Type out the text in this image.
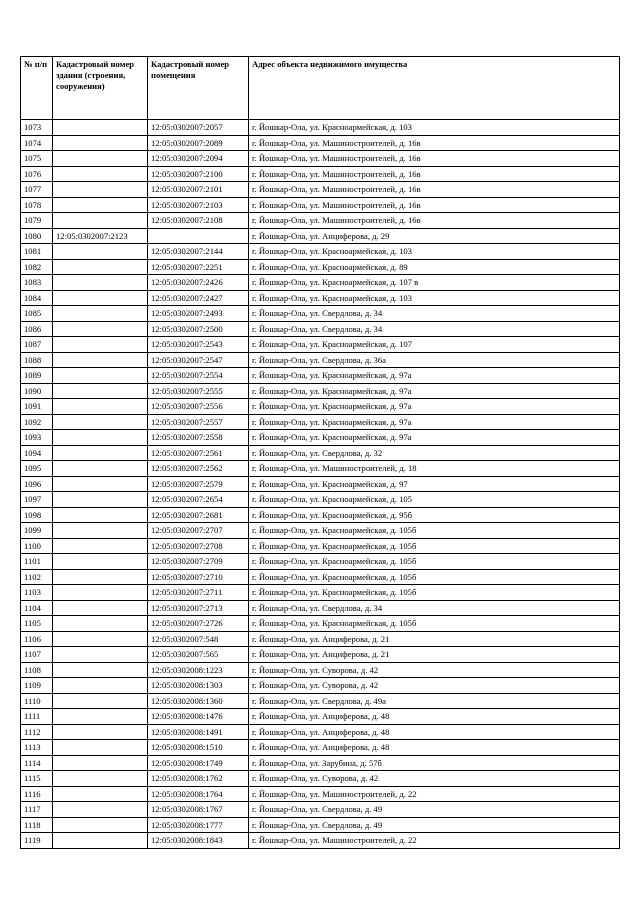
№ п/п	Кадастровый номер здания (строения, сооружения)	Кадастровый номер помещения	Адрес объекта недвижимого имущества
1073		12:05:0302007:2057	г. Йошкар-Ола, ул. Красноармейская, д. 103
1074		12:05:0302007:2089	г. Йошкар-Ола, ул. Машиностроителей, д. 16в
1075		12:05:0302007:2094	г. Йошкар-Ола, ул. Машиностроителей, д. 16в
1076		12:05:0302007:2100	г. Йошкар-Ола, ул. Машиностроителей, д. 16в
1077		12:05:0302007:2101	г. Йошкар-Ола, ул. Машиностроителей, д. 16в
1078		12:05:0302007:2103	г. Йошкар-Ола, ул. Машиностроителей, д. 16в
1079		12:05:0302007:2108	г. Йошкар-Ола, ул. Машиностроителей, д. 16в
1080	12:05:0302007:2123		г. Йошкар-Ола, ул. Анциферова, д. 29
1081		12:05:0302007:2144	г. Йошкар-Ола, ул. Красноармейская, д. 103
1082		12:05:0302007:2251	г. Йошкар-Ола, ул. Красноармейская, д. 89
1083		12:05:0302007:2426	г. Йошкар-Ола, ул. Красноармейская, д. 107 в
1084		12:05:0302007:2427	г. Йошкар-Ола, ул. Красноармейская, д. 103
1085		12:05:0302007:2493	г. Йошкар-Ола, ул. Свердлова, д. 34
1086		12:05:0302007:2500	г. Йошкар-Ола, ул. Свердлова, д. 34
1087		12:05:0302007:2543	г. Йошкар-Ола, ул. Красноармейская, д. 107
1088		12:05:0302007:2547	г. Йошкар-Ола, ул. Свердлова, д. 36а
1089		12:05:0302007:2554	г. Йошкар-Ола, ул. Красноармейская, д. 97а
1090		12:05:0302007:2555	г. Йошкар-Ола, ул. Красноармейская, д. 97а
1091		12:05:0302007:2556	г. Йошкар-Ола, ул. Красноармейская, д. 97а
1092		12:05:0302007:2557	г. Йошкар-Ола, ул. Красноармейская, д. 97а
1093		12:05:0302007:2558	г. Йошкар-Ола, ул. Красноармейская, д. 97а
1094		12:05:0302007:2561	г. Йошкар-Ола, ул. Свердлова, д. 32
1095		12:05:0302007:2562	г. Йошкар-Ола, ул. Машиностроителей, д. 18
1096		12:05:0302007:2579	г. Йошкар-Ола, ул. Красноармейская, д. 97
1097		12:05:0302007:2654	г. Йошкар-Ола, ул. Красноармейская, д. 105
1098		12:05:0302007:2681	г. Йошкар-Ола, ул. Красноармейская, д. 95б
1099		12:05:0302007:2707	г. Йошкар-Ола, ул. Красноармейская, д. 105б
1100		12:05:0302007:2708	г. Йошкар-Ола, ул. Красноармейская, д. 105б
1101		12:05:0302007:2709	г. Йошкар-Ола, ул. Красноармейская, д. 105б
1102		12:05:0302007:2710	г. Йошкар-Ола, ул. Красноармейская, д. 105б
1103		12:05:0302007:2711	г. Йошкар-Ола, ул. Красноармейская, д. 105б
1104		12:05:0302007:2713	г. Йошкар-Ола, ул. Свердлова, д. 34
1105		12:05:0302007:2726	г. Йошкар-Ола, ул. Красноармейская, д. 105б
1106		12:05:0302007:548	г. Йошкар-Ола, ул. Анциферова, д. 21
1107		12:05:0302007:565	г. Йошкар-Ола, ул. Анциферова, д. 21
1108		12:05:0302008:1223	г. Йошкар-Ола, ул. Суворова, д. 42
1109		12:05:0302008:1303	г. Йошкар-Ола, ул. Суворова, д. 42
1110		12:05:0302008:1360	г. Йошкар-Ола, ул. Свердлова, д. 49а
1111		12:05:0302008:1476	г. Йошкар-Ола, ул. Анциферова, д. 48
1112		12:05:0302008:1491	г. Йошкар-Ола, ул. Анциферова, д. 48
1113		12:05:0302008:1510	г. Йошкар-Ола, ул. Анциферова, д. 48
1114		12:05:0302008:1749	г. Йошкар-Ола, ул. Зарубина, д. 57б
1115		12:05:0302008:1762	г. Йошкар-Ола, ул. Суворова, д. 42
1116		12:05:0302008:1764	г. Йошкар-Ола, ул. Машиностроителей, д. 22
1117		12:05:0302008:1767	г. Йошкар-Ола, ул. Свердлова, д. 49
1118		12:05:0302008:1777	г. Йошкар-Ола, ул. Свердлова, д. 49
1119		12:05:0302008:1843	г. Йошкар-Ола, ул. Машиностроителей, д. 22
